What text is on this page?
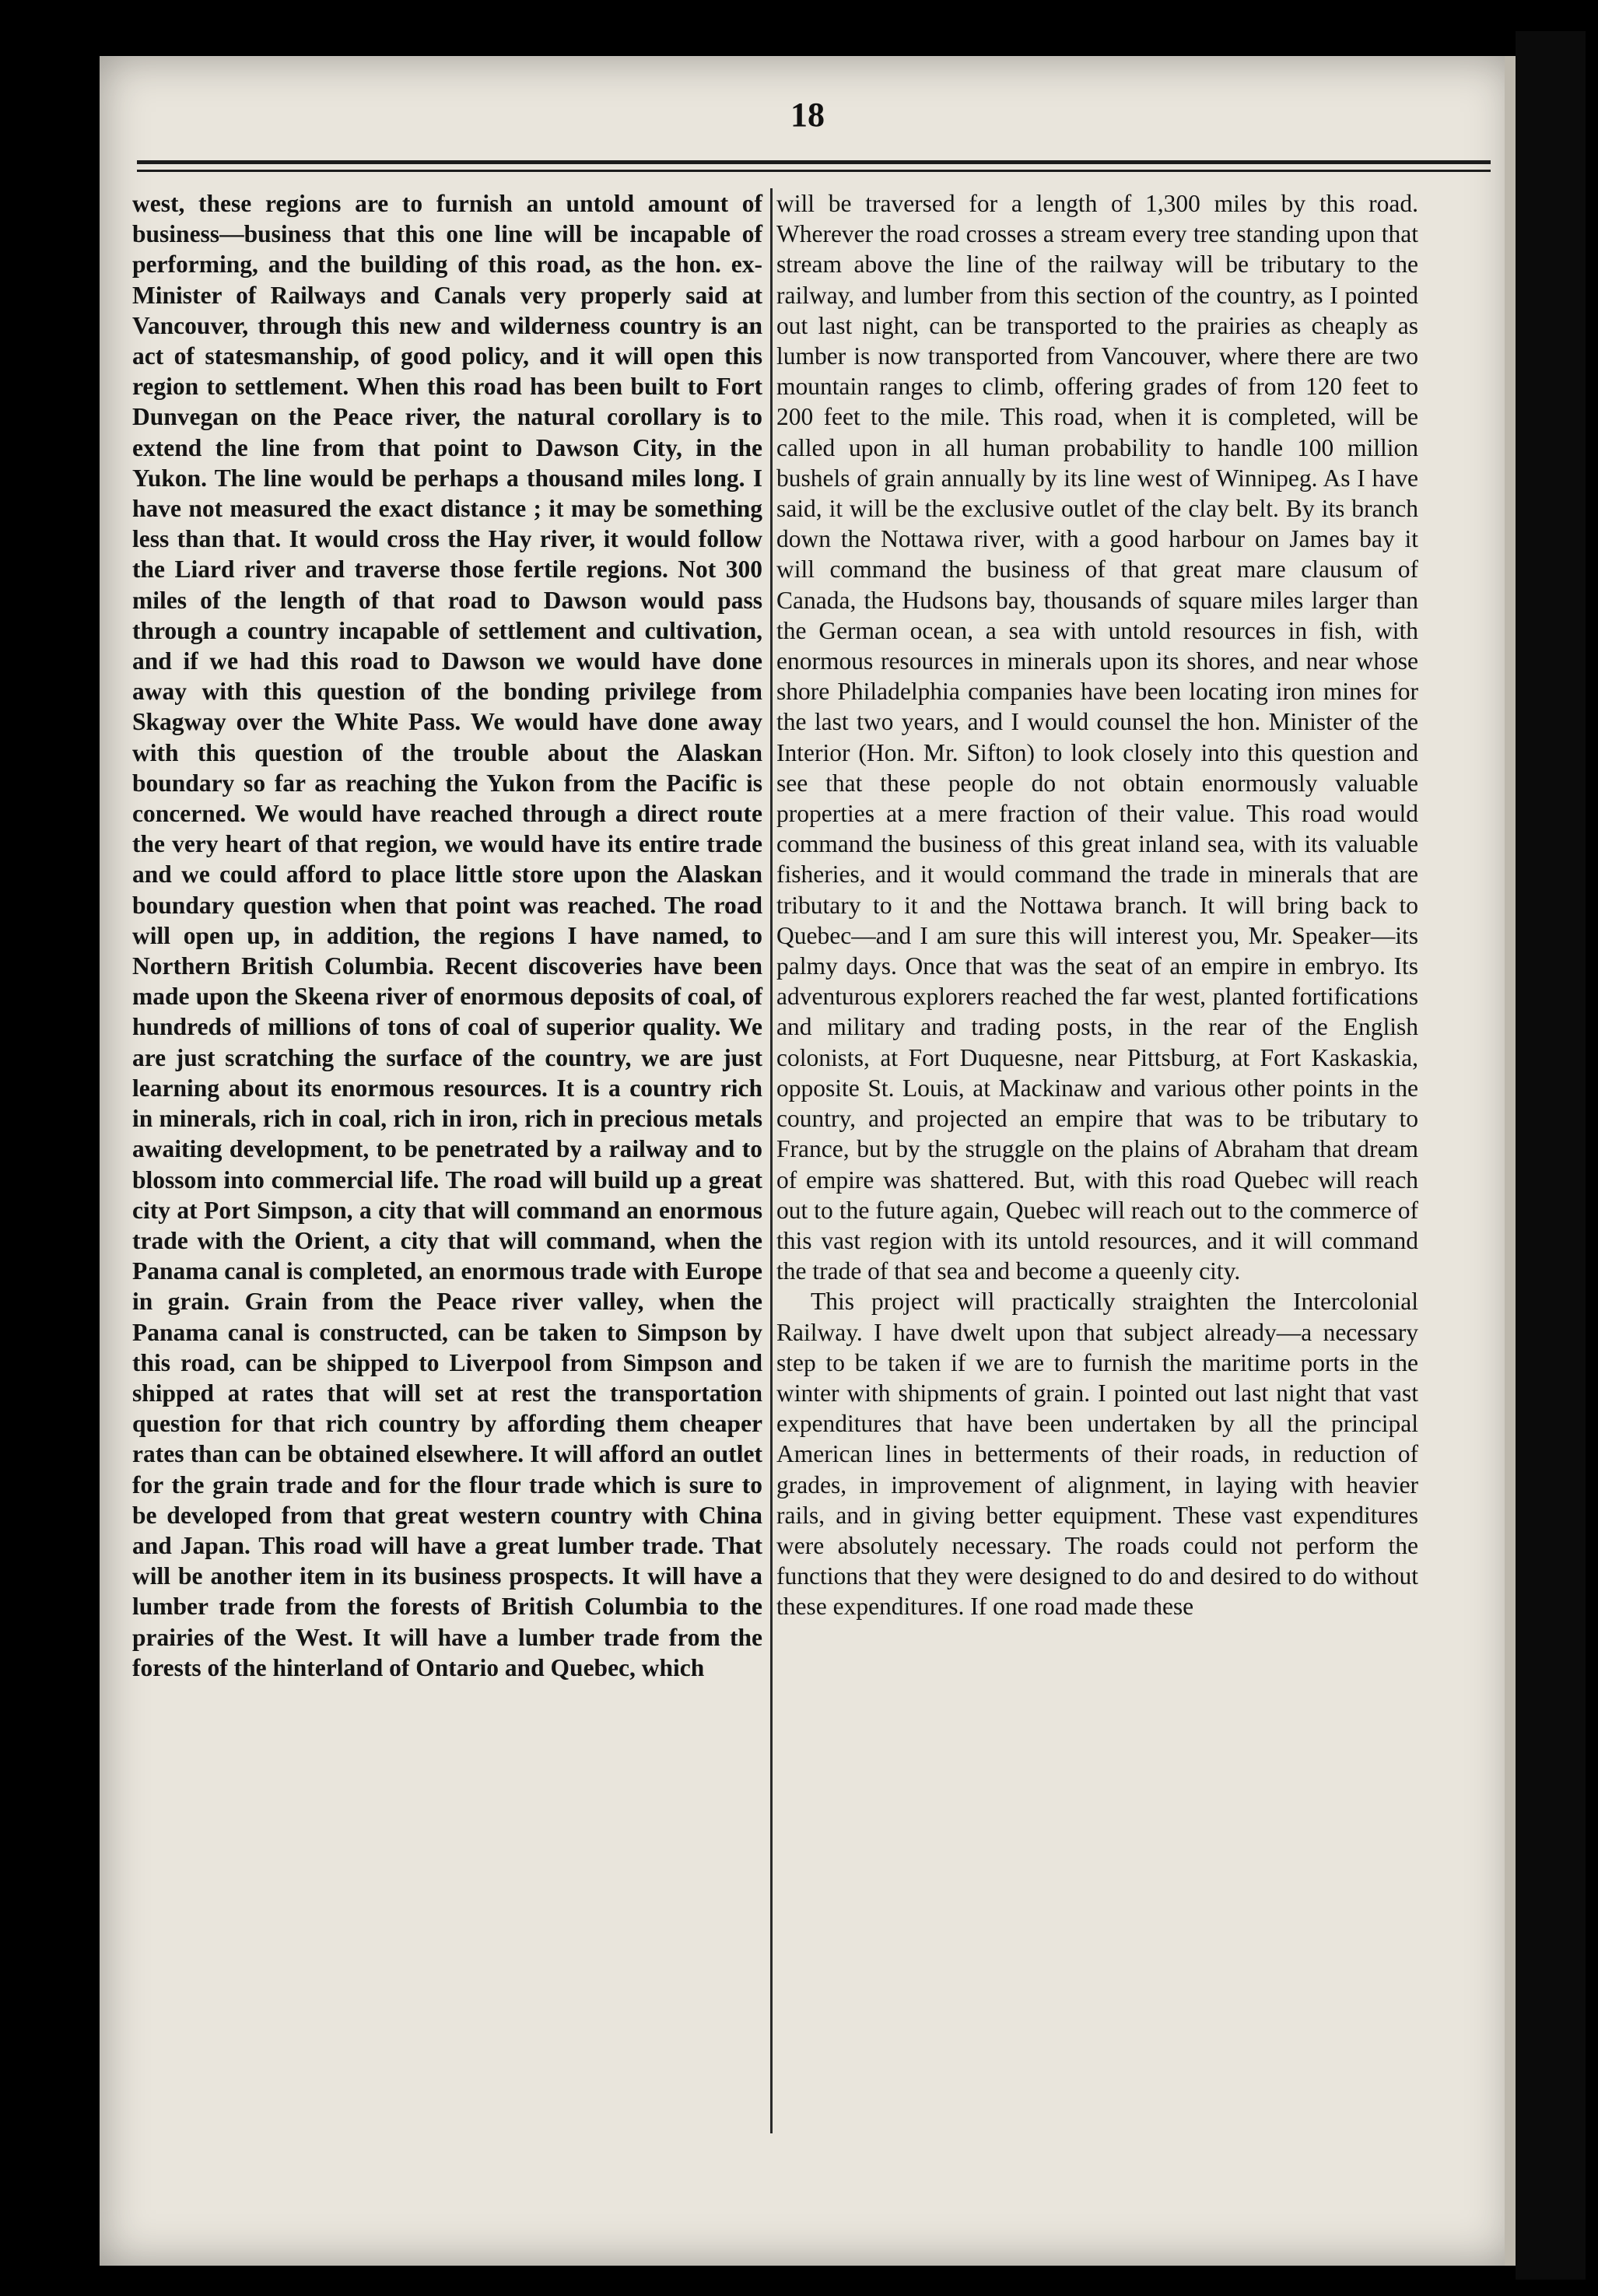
18

west, these regions are to furnish an untold amount of business—business that this one line will be incapable of performing, and the building of this road, as the hon. ex-Minister of Railways and Canals very properly said at Vancouver, through this new and wilderness country is an act of statesmanship, of good policy, and it will open this region to settlement. When this road has been built to Fort Dunvegan on the Peace river, the natural corollary is to extend the line from that point to Dawson City, in the Yukon. The line would be perhaps a thousand miles long. I have not measured the exact distance ; it may be something less than that. It would cross the Hay river, it would follow the Liard river and traverse those fertile regions. Not 300 miles of the length of that road to Dawson would pass through a country incapable of settlement and cultivation, and if we had this road to Dawson we would have done away with this question of the bonding privilege from Skagway over the White Pass. We would have done away with this question of the trouble about the Alaskan boundary so far as reaching the Yukon from the Pacific is concerned. We would have reached through a direct route the very heart of that region, we would have its entire trade and we could afford to place little store upon the Alaskan boundary question when that point was reached. The road will open up, in addition, the regions I have named, to Northern British Columbia. Recent discoveries have been made upon the Skeena river of enormous deposits of coal, of hundreds of millions of tons of coal of superior quality. We are just scratching the surface of the country, we are just learning about its enormous resources. It is a country rich in minerals, rich in coal, rich in iron, rich in precious metals awaiting development, to be penetrated by a railway and to blossom into commercial life. The road will build up a great city at Port Simpson, a city that will command an enormous trade with the Orient, a city that will command, when the Panama canal is completed, an enormous trade with Europe in grain. Grain from the Peace river valley, when the Panama canal is constructed, can be taken to Simpson by this road, can be shipped to Liverpool from Simpson and shipped at rates that will set at rest the transportation question for that rich country by affording them cheaper rates than can be obtained elsewhere. It will afford an outlet for the grain trade and for the flour trade which is sure to be developed from that great western country with China and Japan. This road will have a great lumber trade. That will be another item in its business prospects. It will have a lumber trade from the forests of British Columbia to the prairies of the West. It will have a lumber trade from the forests of the hinterland of Ontario and Quebec, which

will be traversed for a length of 1,300 miles by this road. Wherever the road crosses a stream every tree standing upon that stream above the line of the railway will be tributary to the railway, and lumber from this section of the country, as I pointed out last night, can be transported to the prairies as cheaply as lumber is now transported from Vancouver, where there are two mountain ranges to climb, offering grades of from 120 feet to 200 feet to the mile. This road, when it is completed, will be called upon in all human probability to handle 100 million bushels of grain annually by its line west of Winnipeg. As I have said, it will be the exclusive outlet of the clay belt. By its branch down the Nottawa river, with a good harbour on James bay it will command the business of that great mare clausum of Canada, the Hudsons bay, thousands of square miles larger than the German ocean, a sea with untold resources in fish, with enormous resources in minerals upon its shores, and near whose shore Philadelphia companies have been locating iron mines for the last two years, and I would counsel the hon. Minister of the Interior (Hon. Mr. Sifton) to look closely into this question and see that these people do not obtain enormously valuable properties at a mere fraction of their value. This road would command the business of this great inland sea, with its valuable fisheries, and it would command the trade in minerals that are tributary to it and the Nottawa branch. It will bring back to Quebec—and I am sure this will interest you, Mr. Speaker—its palmy days. Once that was the seat of an empire in embryo. Its adventurous explorers reached the far west, planted fortifications and military and trading posts, in the rear of the English colonists, at Fort Duquesne, near Pittsburg, at Fort Kaskaskia, opposite St. Louis, at Mackinaw and various other points in the country, and projected an empire that was to be tributary to France, but by the struggle on the plains of Abraham that dream of empire was shattered. But, with this road Quebec will reach out to the future again, Quebec will reach out to the commerce of this vast region with its untold resources, and it will command the trade of that sea and become a queenly city.

This project will practically straighten the Intercolonial Railway. I have dwelt upon that subject already—a necessary step to be taken if we are to furnish the maritime ports in the winter with shipments of grain. I pointed out last night that vast expenditures that have been undertaken by all the principal American lines in betterments of their roads, in reduction of grades, in improvement of alignment, in laying with heavier rails, and in giving better equipment. These vast expenditures were absolutely necessary. The roads could not perform the functions that they were designed to do and desired to do without these expenditures. If one road made these
